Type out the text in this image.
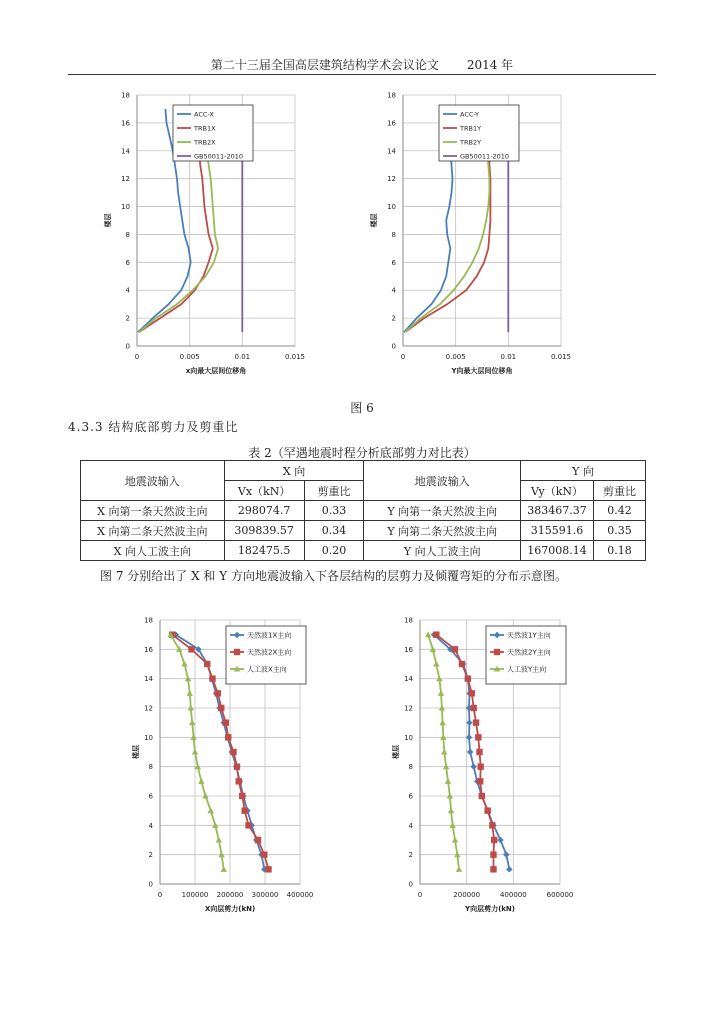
第二十三届全国高层建筑结构学术会议论文 2014 年
0	0.005	0.01	0.015
0
2
4
6
8
10
12
14
16
18
x向最大层间位移角
楼层
ACC-X
TRB1X
TRB2X
GB50011-2010
0	0.005	0.01	0.015
0
2
4
6
8
10
12
14
16
18
Y向最大层间位移角
楼层
ACC-Y
TRB1Y
TRB2Y
GB50011-2010
图 6
4.3.3 结构底部剪力及剪重比
表 2（罕遇地震时程分析底部剪力对比表）
地震波输入	X 向		地震波输入	Y 向	
	Vx（kN）	剪重比		Vy（kN）	剪重比
X 向第一条天然波主向	298074.7	0.33	Y 向第一条天然波主向	383467.37	0.42
X 向第二条天然波主向	309839.57	0.34	Y 向第二条天然波主向	315591.6	0.35
X 向人工波主向	182475.5	0.20	Y 向人工波主向	167008.14	0.18
图 7 分别给出了 X 和 Y 方向地震波输入下各层结构的层剪力及倾覆弯矩的分布示意图。
0	100000 200000 300000 400000
0
2
4
6
8
10
12
14
16
18
X向层剪力(kN)
楼层
天然波1X主向
天然波2X主向
人工波X主向
0	200000	400000	600000
0
2
4
6
8
10
12
14
16
18
Y向层剪力(kN)
楼层
天然波1Y主向
天然波2Y主向
人工波Y主向
